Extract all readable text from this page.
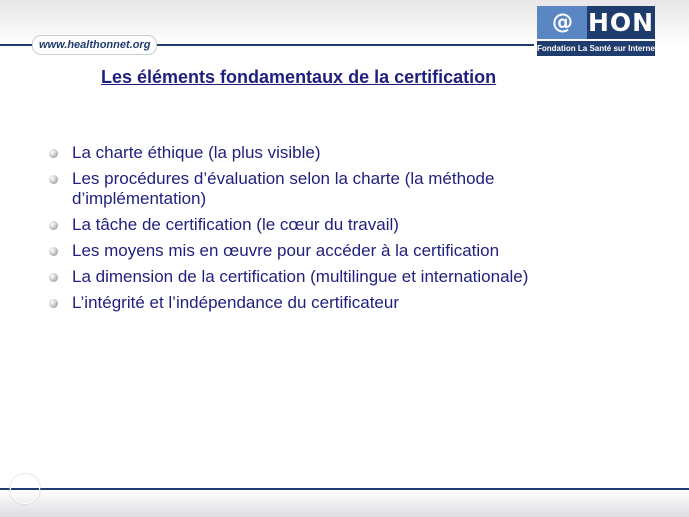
www.healthonnet.org
@ HON
Fondation La Santé sur Internet
Les éléments fondamentaux de la certification
La charte éthique (la plus visible)
Les procédures d’évaluation selon la charte (la méthode d’implémentation)
La tâche de certification (le cœur du travail)
Les moyens mis en œuvre pour accéder à la certification
La dimension de la certification (multilingue et internationale)
L’intégrité et l’indépendance du certificateur
